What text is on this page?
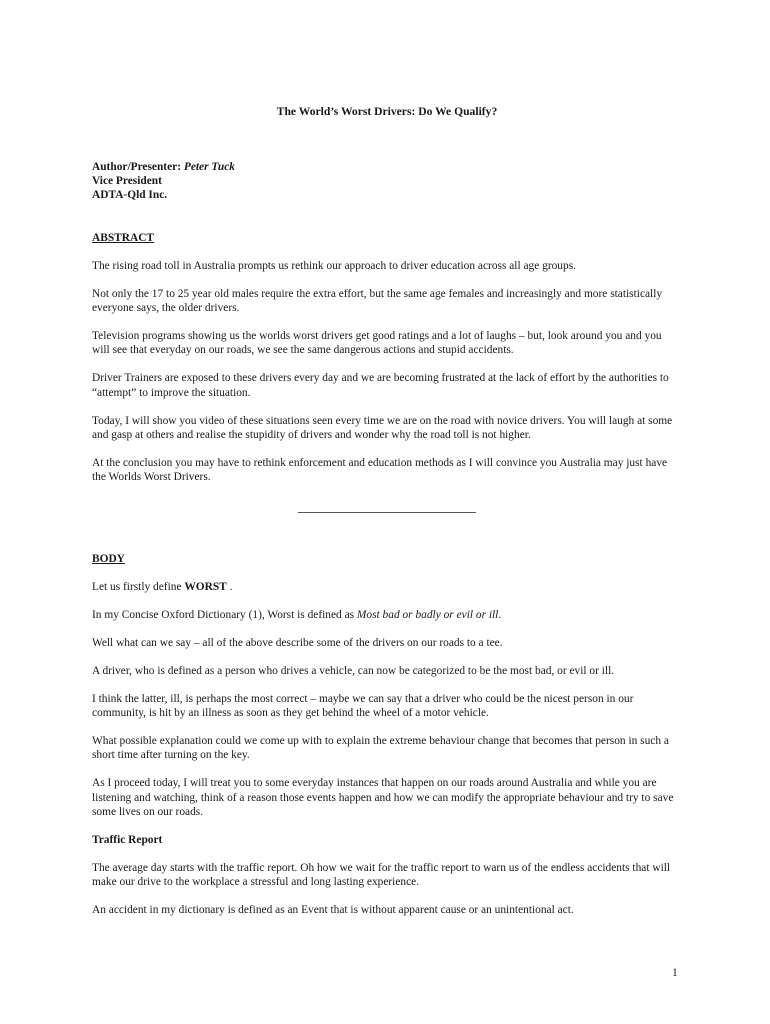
The World’s Worst Drivers: Do We Qualify?

Author/Presenter: Peter Tuck
Vice President
ADTA-Qld Inc.

ABSTRACT

The rising road toll in Australia prompts us rethink our approach to driver education across all age groups.

Not only the 17 to 25 year old males require the extra effort, but the same age females and increasingly and more statistically everyone says, the older drivers.

Television programs showing us the worlds worst drivers get good ratings and a lot of laughs – but, look around you and you will see that everyday on our roads, we see the same dangerous actions and stupid accidents.

Driver Trainers are exposed to these drivers every day and we are becoming frustrated at the lack of effort by the authorities to “attempt” to improve the situation.

Today, I will show you video of these situations seen every time we are on the road with novice drivers. You will laugh at some and gasp at others and realise the stupidity of drivers and wonder why the road toll is not higher.

At the conclusion you may have to rethink enforcement and education methods as I will convince you Australia may just have the Worlds Worst Drivers.

BODY

Let us firstly define WORST .

In my Concise Oxford Dictionary (1), Worst is defined as Most bad or badly or evil or ill.

Well what can we say – all of the above describe some of the drivers on our roads to a tee.

A driver, who is defined as a person who drives a vehicle, can now be categorized to be the most bad, or evil or ill.

I think the latter, ill, is perhaps the most correct – maybe we can say that a driver who could be the nicest person in our community, is hit by an illness as soon as they get behind the wheel of a motor vehicle.

What possible explanation could we come up with to explain the extreme behaviour change that becomes that person in such a short time after turning on the key.

As I proceed today, I will treat you to some everyday instances that happen on our roads around Australia and while you are listening and watching, think of a reason those events happen and how we can modify the appropriate behaviour and try to save some lives on our roads.

Traffic Report

The average day starts with the traffic report. Oh how we wait for the traffic report to warn us of the endless accidents that will make our drive to the workplace a stressful and long lasting experience.

An accident in my dictionary is defined as an Event that is without apparent cause or an unintentional act.

1
